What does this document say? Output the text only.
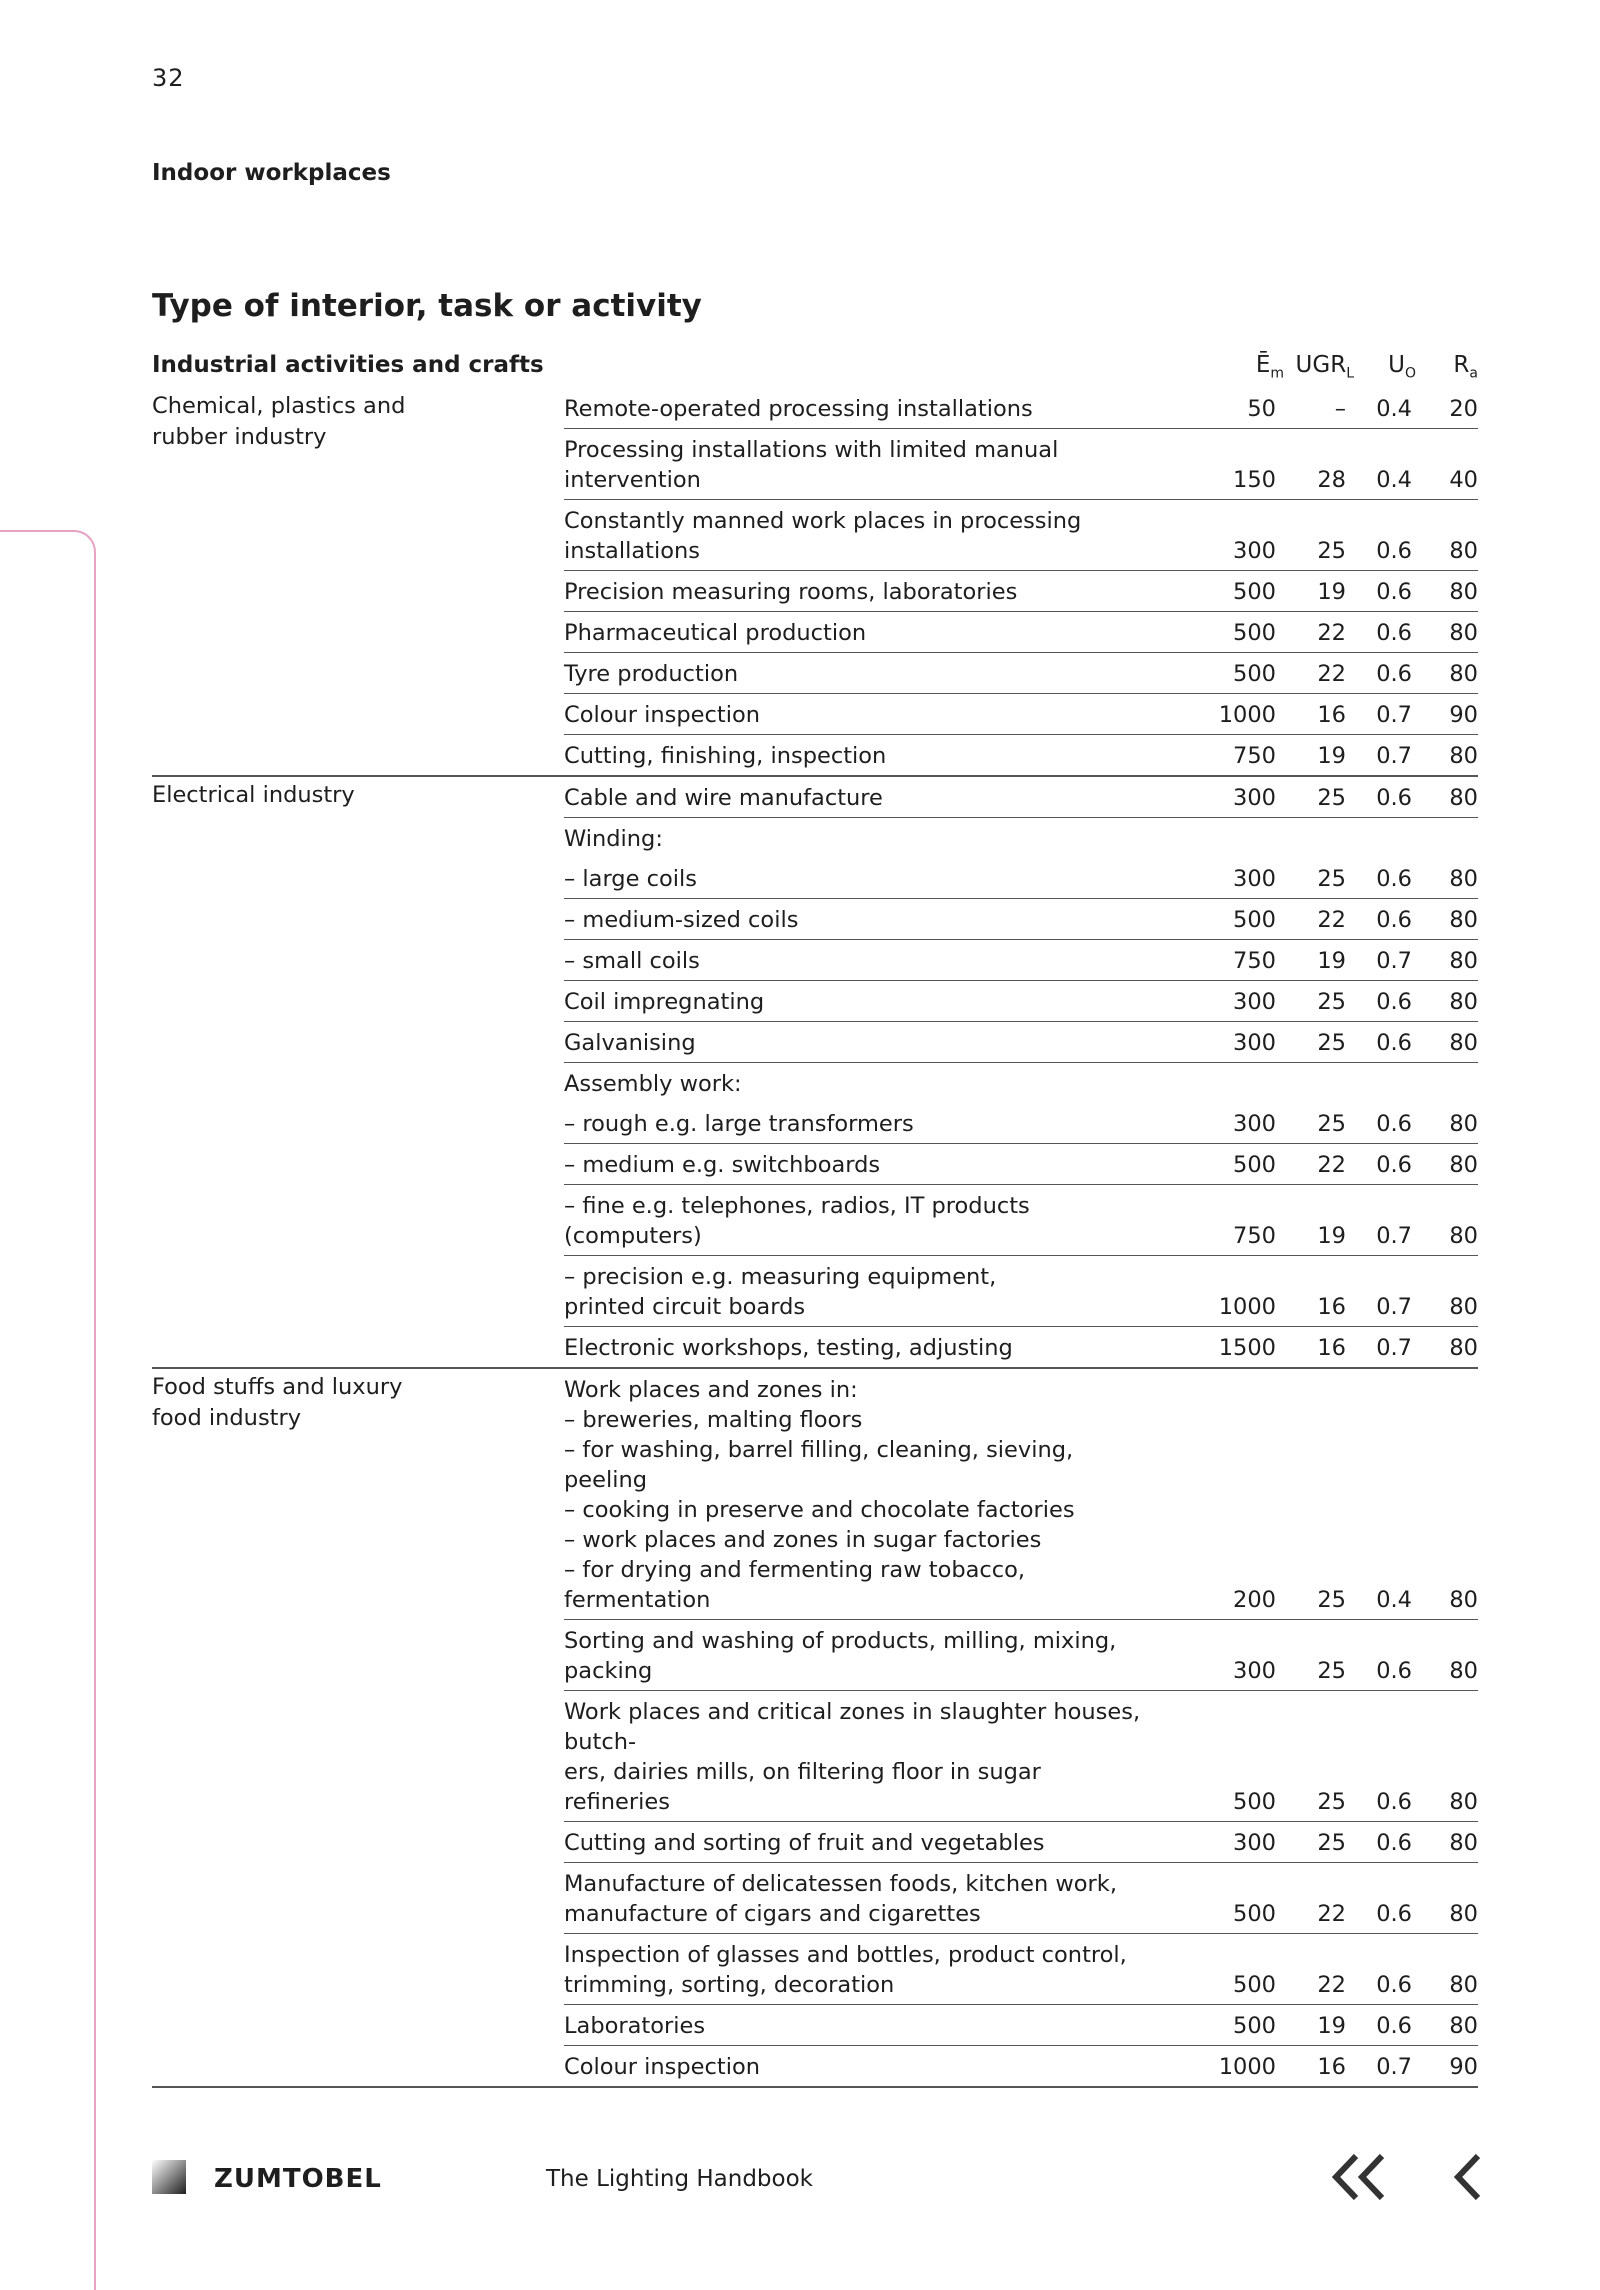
32
Indoor workplaces
Type of interior, task or activity
Industrial activities and crafts	$Ē_m$ $UGR_L$	$U_O$	$R_a$
Chemical, plastics and
rubber industry
Remote-operated processing installations	50	–	0.4	20
Processing installations with limited manual intervention	150	28	0.4	40
Constantly manned work places in processing installations	300	25	0.6	80
Precision measuring rooms, laboratories	500	19	0.6	80
Pharmaceutical production	500	22	0.6	80
Tyre production	500	22	0.6	80
Colour inspection	1000	16	0.7	90
Cutting, finishing, inspection	750	19	0.7	80
Electrical industry	Cable and wire manufacture	300	25	0.6	80
Winding:
– large coils	300	25	0.6	80
– medium-sized coils	500	22	0.6	80
– small coils	750	19	0.7	80
Coil impregnating	300	25	0.6	80
Galvanising	300	25	0.6	80
Assembly work:
– rough e.g. large transformers	300	25	0.6	80
– medium e.g. switchboards	500	22	0.6	80
– fine e.g. telephones, radios, IT products (computers)	750	19	0.7	80
– precision e.g. measuring equipment,
printed circuit boards	1000	16	0.7	80
Electronic workshops, testing, adjusting	1500	16	0.7	80
Food stuffs and luxury
food industry
Work places and zones in:
– breweries, malting floors
– for washing, barrel filling, cleaning, sieving, peeling
– cooking in preserve and chocolate factories
– work places and zones in sugar factories
– for drying and fermenting raw tobacco, fermentation	200	25	0.4	80
Sorting and washing of products, milling, mixing, packing	300	25	0.6	80
Work places and critical zones in slaughter houses, butch-
ers, dairies mills, on filtering floor in sugar refineries	500	25	0.6	80
Cutting and sorting of fruit and vegetables	300	25	0.6	80
Manufacture of delicatessen foods, kitchen work,
manufacture of cigars and cigarettes	500	22	0.6	80
Inspection of glasses and bottles, product control,
trimming, sorting, decoration	500	22	0.6	80
Laboratories	500	19	0.6	80
Colour inspection	1000	16	0.7	90
ZUMTOBEL	The Lighting Handbook
